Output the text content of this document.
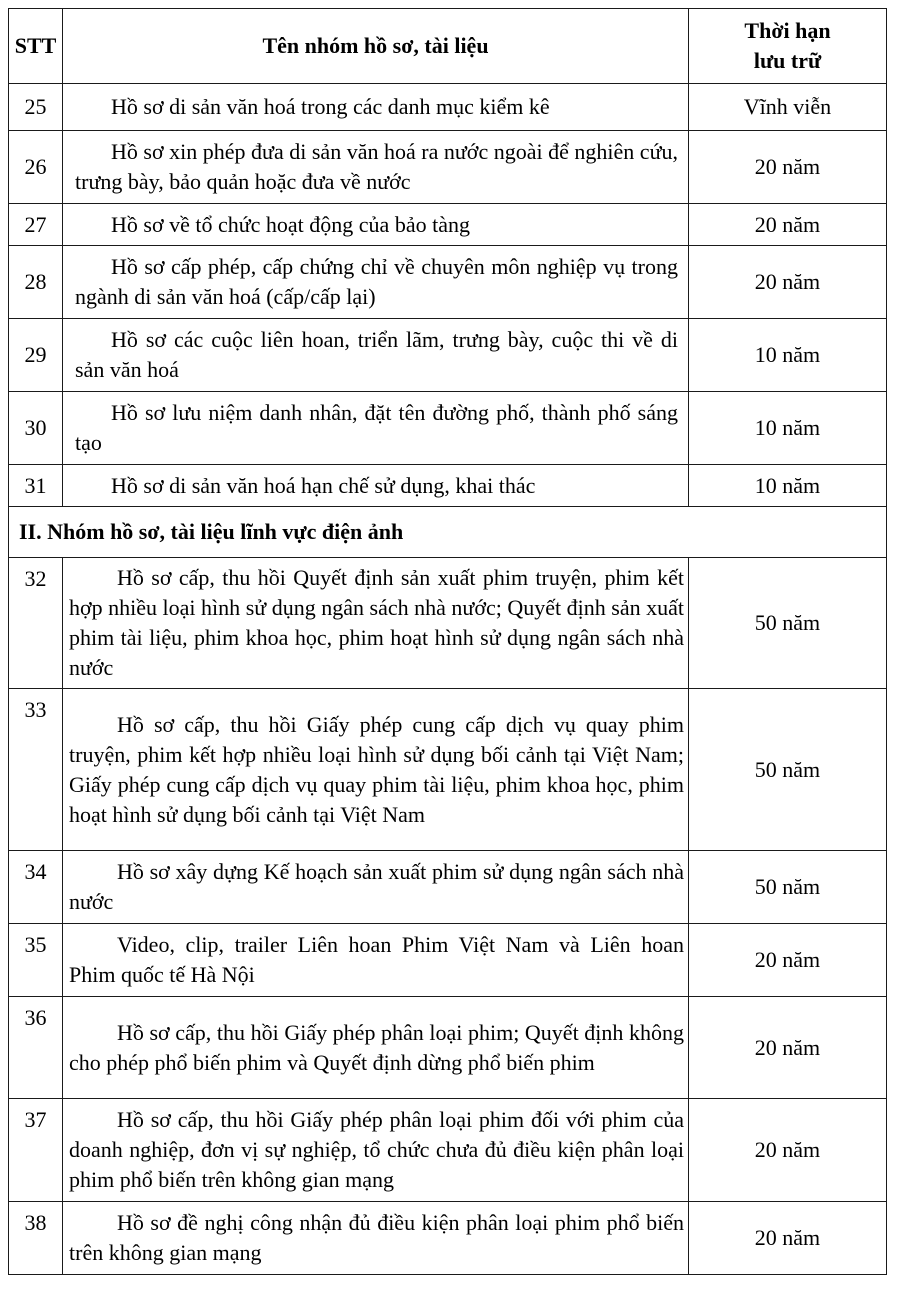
STT	Tên nhóm hồ sơ, tài liệu	Thời hạn
lưu trữ

25	Hồ sơ di sản văn hoá trong các danh mục kiểm kê	Vĩnh viễn
26	Hồ sơ xin phép đưa di sản văn hoá ra nước ngoài để nghiên cứu, trưng bày, bảo quản hoặc đưa về nước	20 năm
27	Hồ sơ về tổ chức hoạt động của bảo tàng	20 năm
28	Hồ sơ cấp phép, cấp chứng chỉ về chuyên môn nghiệp vụ trong ngành di sản văn hoá (cấp/cấp lại)	20 năm
29	Hồ sơ các cuộc liên hoan, triển lãm, trưng bày, cuộc thi về di sản văn hoá	10 năm
30	Hồ sơ lưu niệm danh nhân, đặt tên đường phố, thành phố sáng tạo	10 năm
31	Hồ sơ di sản văn hoá hạn chế sử dụng, khai thác	10 năm
II. Nhóm hồ sơ, tài liệu lĩnh vực điện ảnh		
32	Hồ sơ cấp, thu hồi Quyết định sản xuất phim truyện, phim kết hợp nhiều loại hình sử dụng ngân sách nhà nước; Quyết định sản xuất phim tài liệu, phim khoa học, phim hoạt hình sử dụng ngân sách nhà nước	50 năm
33	Hồ sơ cấp, thu hồi Giấy phép cung cấp dịch vụ quay phim truyện, phim kết hợp nhiều loại hình sử dụng bối cảnh tại Việt Nam; Giấy phép cung cấp dịch vụ quay phim tài liệu, phim khoa học, phim hoạt hình sử dụng bối cảnh tại Việt Nam	50 năm
34	Hồ sơ xây dựng Kế hoạch sản xuất phim sử dụng ngân sách nhà nước	50 năm
35	Video, clip, trailer Liên hoan Phim Việt Nam và Liên hoan Phim quốc tế Hà Nội	20 năm
36	Hồ sơ cấp, thu hồi Giấy phép phân loại phim; Quyết định không cho phép phổ biến phim và Quyết định dừng phổ biến phim	20 năm
37	Hồ sơ cấp, thu hồi Giấy phép phân loại phim đối với phim của doanh nghiệp, đơn vị sự nghiệp, tổ chức chưa đủ điều kiện phân loại phim phổ biến trên không gian mạng	20 năm
38	Hồ sơ đề nghị công nhận đủ điều kiện phân loại phim phổ biến trên không gian mạng	20 năm
